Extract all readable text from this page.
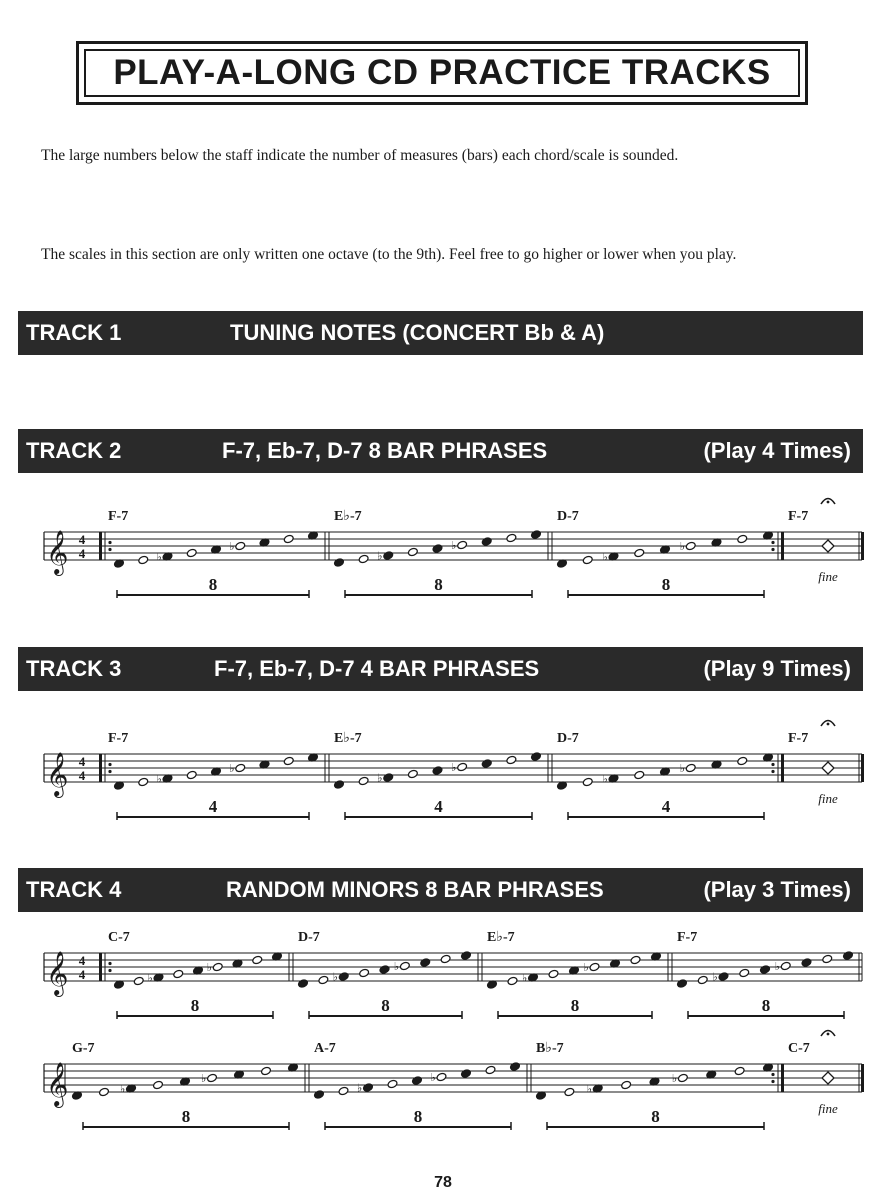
PLAY-A-LONG CD PRACTICE TRACKS
The large numbers below the staff indicate the number of measures (bars) each chord/scale is sounded.
The scales in this section are only written one octave (to the 9th). Feel free to go higher or lower when you play.
TRACK 1	TUNING NOTES (CONCERT Bb & A)
TRACK 2	F-7, Eb-7, D-7 8 BAR PHRASES	(Play 4 Times)
𝄞 4
4
F-7
♭
♭
8
E♭-7
♭
♭
8
D-7
♭
♭
8
F-7
fine
TRACK 3	F-7, Eb-7, D-7 4 BAR PHRASES	(Play 9 Times)
𝄞 4
4
F-7
♭
♭
4
E♭-7
♭
♭
4
D-7
♭
♭
4
F-7
fine
TRACK 4	RANDOM MINORS 8 BAR PHRASES	(Play 3 Times)
𝄞 4
4
C-7
♭
♭
8
D-7
♭
♭
8
E♭-7
♭
♭
8
F-7
♭
♭
8
𝄞
G-7
♭
♭
8
A-7
♭
♭
8
B♭-7
♭
♭
8
C-7
fine
78
